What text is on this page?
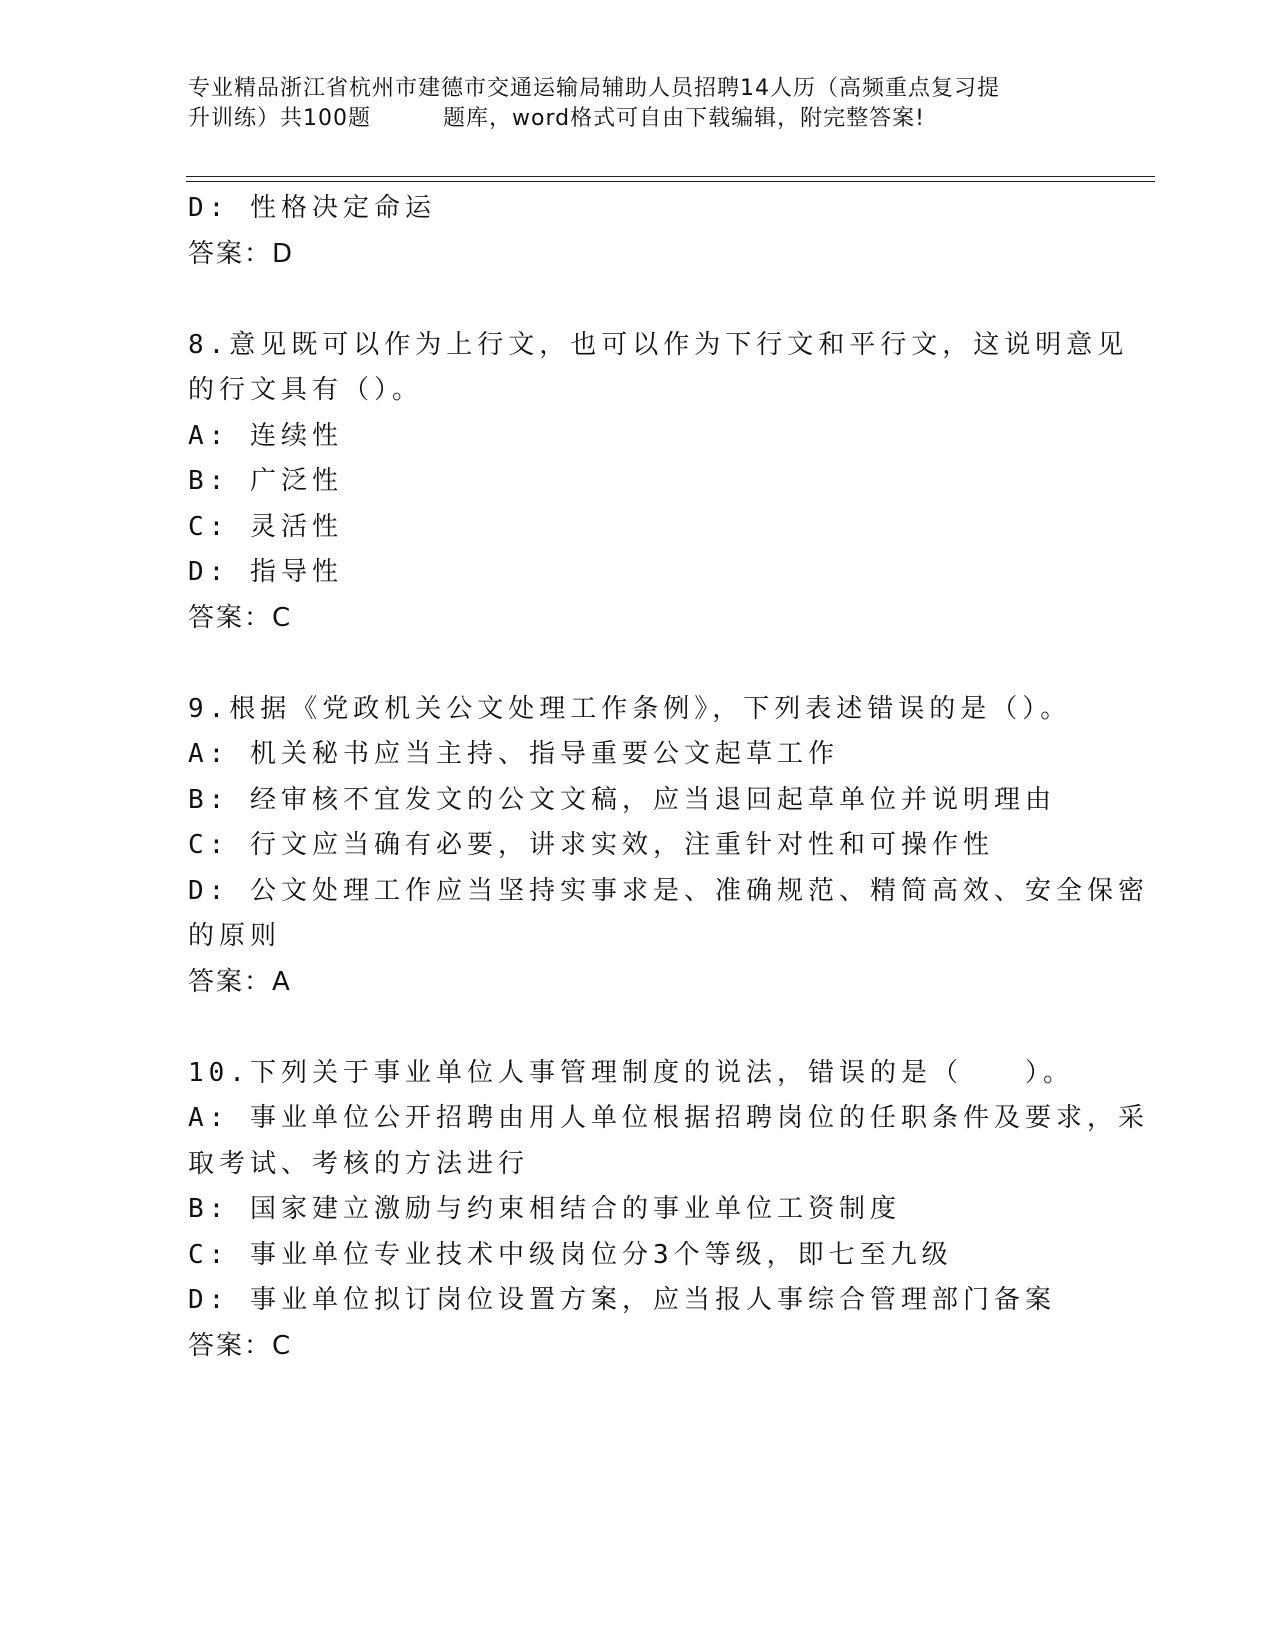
专业精品浙江省杭州市建德市交通运输局辅助人员招聘14人历（高频重点复习提
升训练）共100题	题库，word格式可自由下载编辑，附完整答案!
D: 性格决定命运
答案：D
8.意见既可以作为上行文，也可以作为下行文和平行文，这说明意见
的行文具有（）。
A: 连续性
B: 广泛性
C: 灵活性
D: 指导性
答案：C
9.根据《党政机关公文处理工作条例》，下列表述错误的是（）。
A: 机关秘书应当主持、指导重要公文起草工作
B: 经审核不宜发文的公文文稿，应当退回起草单位并说明理由
C: 行文应当确有必要，讲求实效，注重针对性和可操作性
D: 公文处理工作应当坚持实事求是、准确规范、精简高效、安全保密
的原则
答案：A
10.下列关于事业单位人事管理制度的说法，错误的是（　　）。
A: 事业单位公开招聘由用人单位根据招聘岗位的任职条件及要求，采
取考试、考核的方法进行
B: 国家建立激励与约束相结合的事业单位工资制度
C: 事业单位专业技术中级岗位分3个等级，即七至九级
D: 事业单位拟订岗位设置方案，应当报人事综合管理部门备案
答案：C
